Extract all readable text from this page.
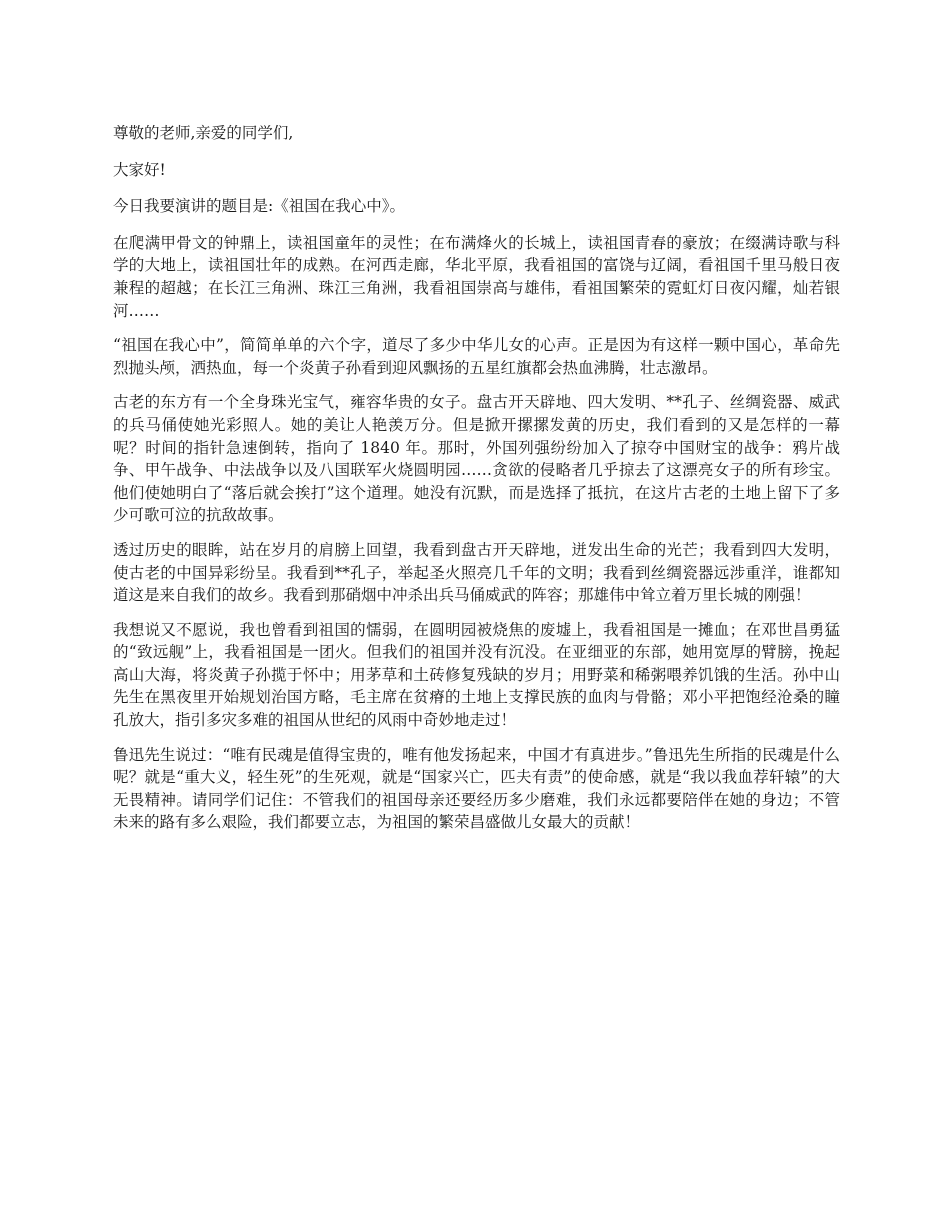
尊敬的老师,亲爱的同学们,

大家好!

今日我要演讲的题目是:《祖国在我心中》。

在爬满甲骨文的钟鼎上，读祖国童年的灵性；在布满烽火的长城上，读祖国青春的豪放；在缀满诗歌与科学的大地上，读祖国壮年的成熟。在河西走廊，华北平原，我看祖国的富饶与辽阔，看祖国千里马般日夜兼程的超越；在长江三角洲、珠江三角洲，我看祖国崇高与雄伟，看祖国繁荣的霓虹灯日夜闪耀，灿若银河……

“祖国在我心中”，简简单单的六个字，道尽了多少中华儿女的心声。正是因为有这样一颗中国心，革命先烈抛头颅，洒热血，每一个炎黄子孙看到迎风飘扬的五星红旗都会热血沸腾，壮志激昂。

古老的东方有一个全身珠光宝气，雍容华贵的女子。盘古开天辟地、四大发明、**孔子、丝绸瓷器、威武的兵马俑使她光彩照人。她的美让人艳羡万分。但是掀开摞摞发黄的历史，我们看到的又是怎样的一幕呢？时间的指针急速倒转，指向了 1840 年。那时，外国列强纷纷加入了掠夺中国财宝的战争：鸦片战争、甲午战争、中法战争以及八国联军火烧圆明园……贪欲的侵略者几乎掠去了这漂亮女子的所有珍宝。他们使她明白了“落后就会挨打”这个道理。她没有沉默，而是选择了抵抗，在这片古老的土地上留下了多少可歌可泣的抗敌故事。

透过历史的眼眸，站在岁月的肩膀上回望，我看到盘古开天辟地，迸发出生命的光芒；我看到四大发明，使古老的中国异彩纷呈。我看到**孔子，举起圣火照亮几千年的文明；我看到丝绸瓷器远涉重洋，谁都知道这是来自我们的故乡。我看到那硝烟中冲杀出兵马俑威武的阵容；那雄伟中耸立着万里长城的刚强！

我想说又不愿说，我也曾看到祖国的懦弱，在圆明园被烧焦的废墟上，我看祖国是一摊血；在邓世昌勇猛的“致远舰”上，我看祖国是一团火。但我们的祖国并没有沉没。在亚细亚的东部，她用宽厚的臂膀，挽起高山大海，将炎黄子孙揽于怀中；用茅草和土砖修复残缺的岁月；用野菜和稀粥喂养饥饿的生活。孙中山先生在黑夜里开始规划治国方略，毛主席在贫瘠的土地上支撑民族的血肉与骨骼；邓小平把饱经沧桑的瞳孔放大，指引多灾多难的祖国从世纪的风雨中奇妙地走过！

鲁迅先生说过：“唯有民魂是值得宝贵的，唯有他发扬起来，中国才有真进步。”鲁迅先生所指的民魂是什么呢？就是“重大义，轻生死”的生死观，就是“国家兴亡，匹夫有责”的使命感，就是“我以我血荐轩辕”的大无畏精神。请同学们记住：不管我们的祖国母亲还要经历多少磨难，我们永远都要陪伴在她的身边；不管未来的路有多么艰险，我们都要立志，为祖国的繁荣昌盛做儿女最大的贡献！
